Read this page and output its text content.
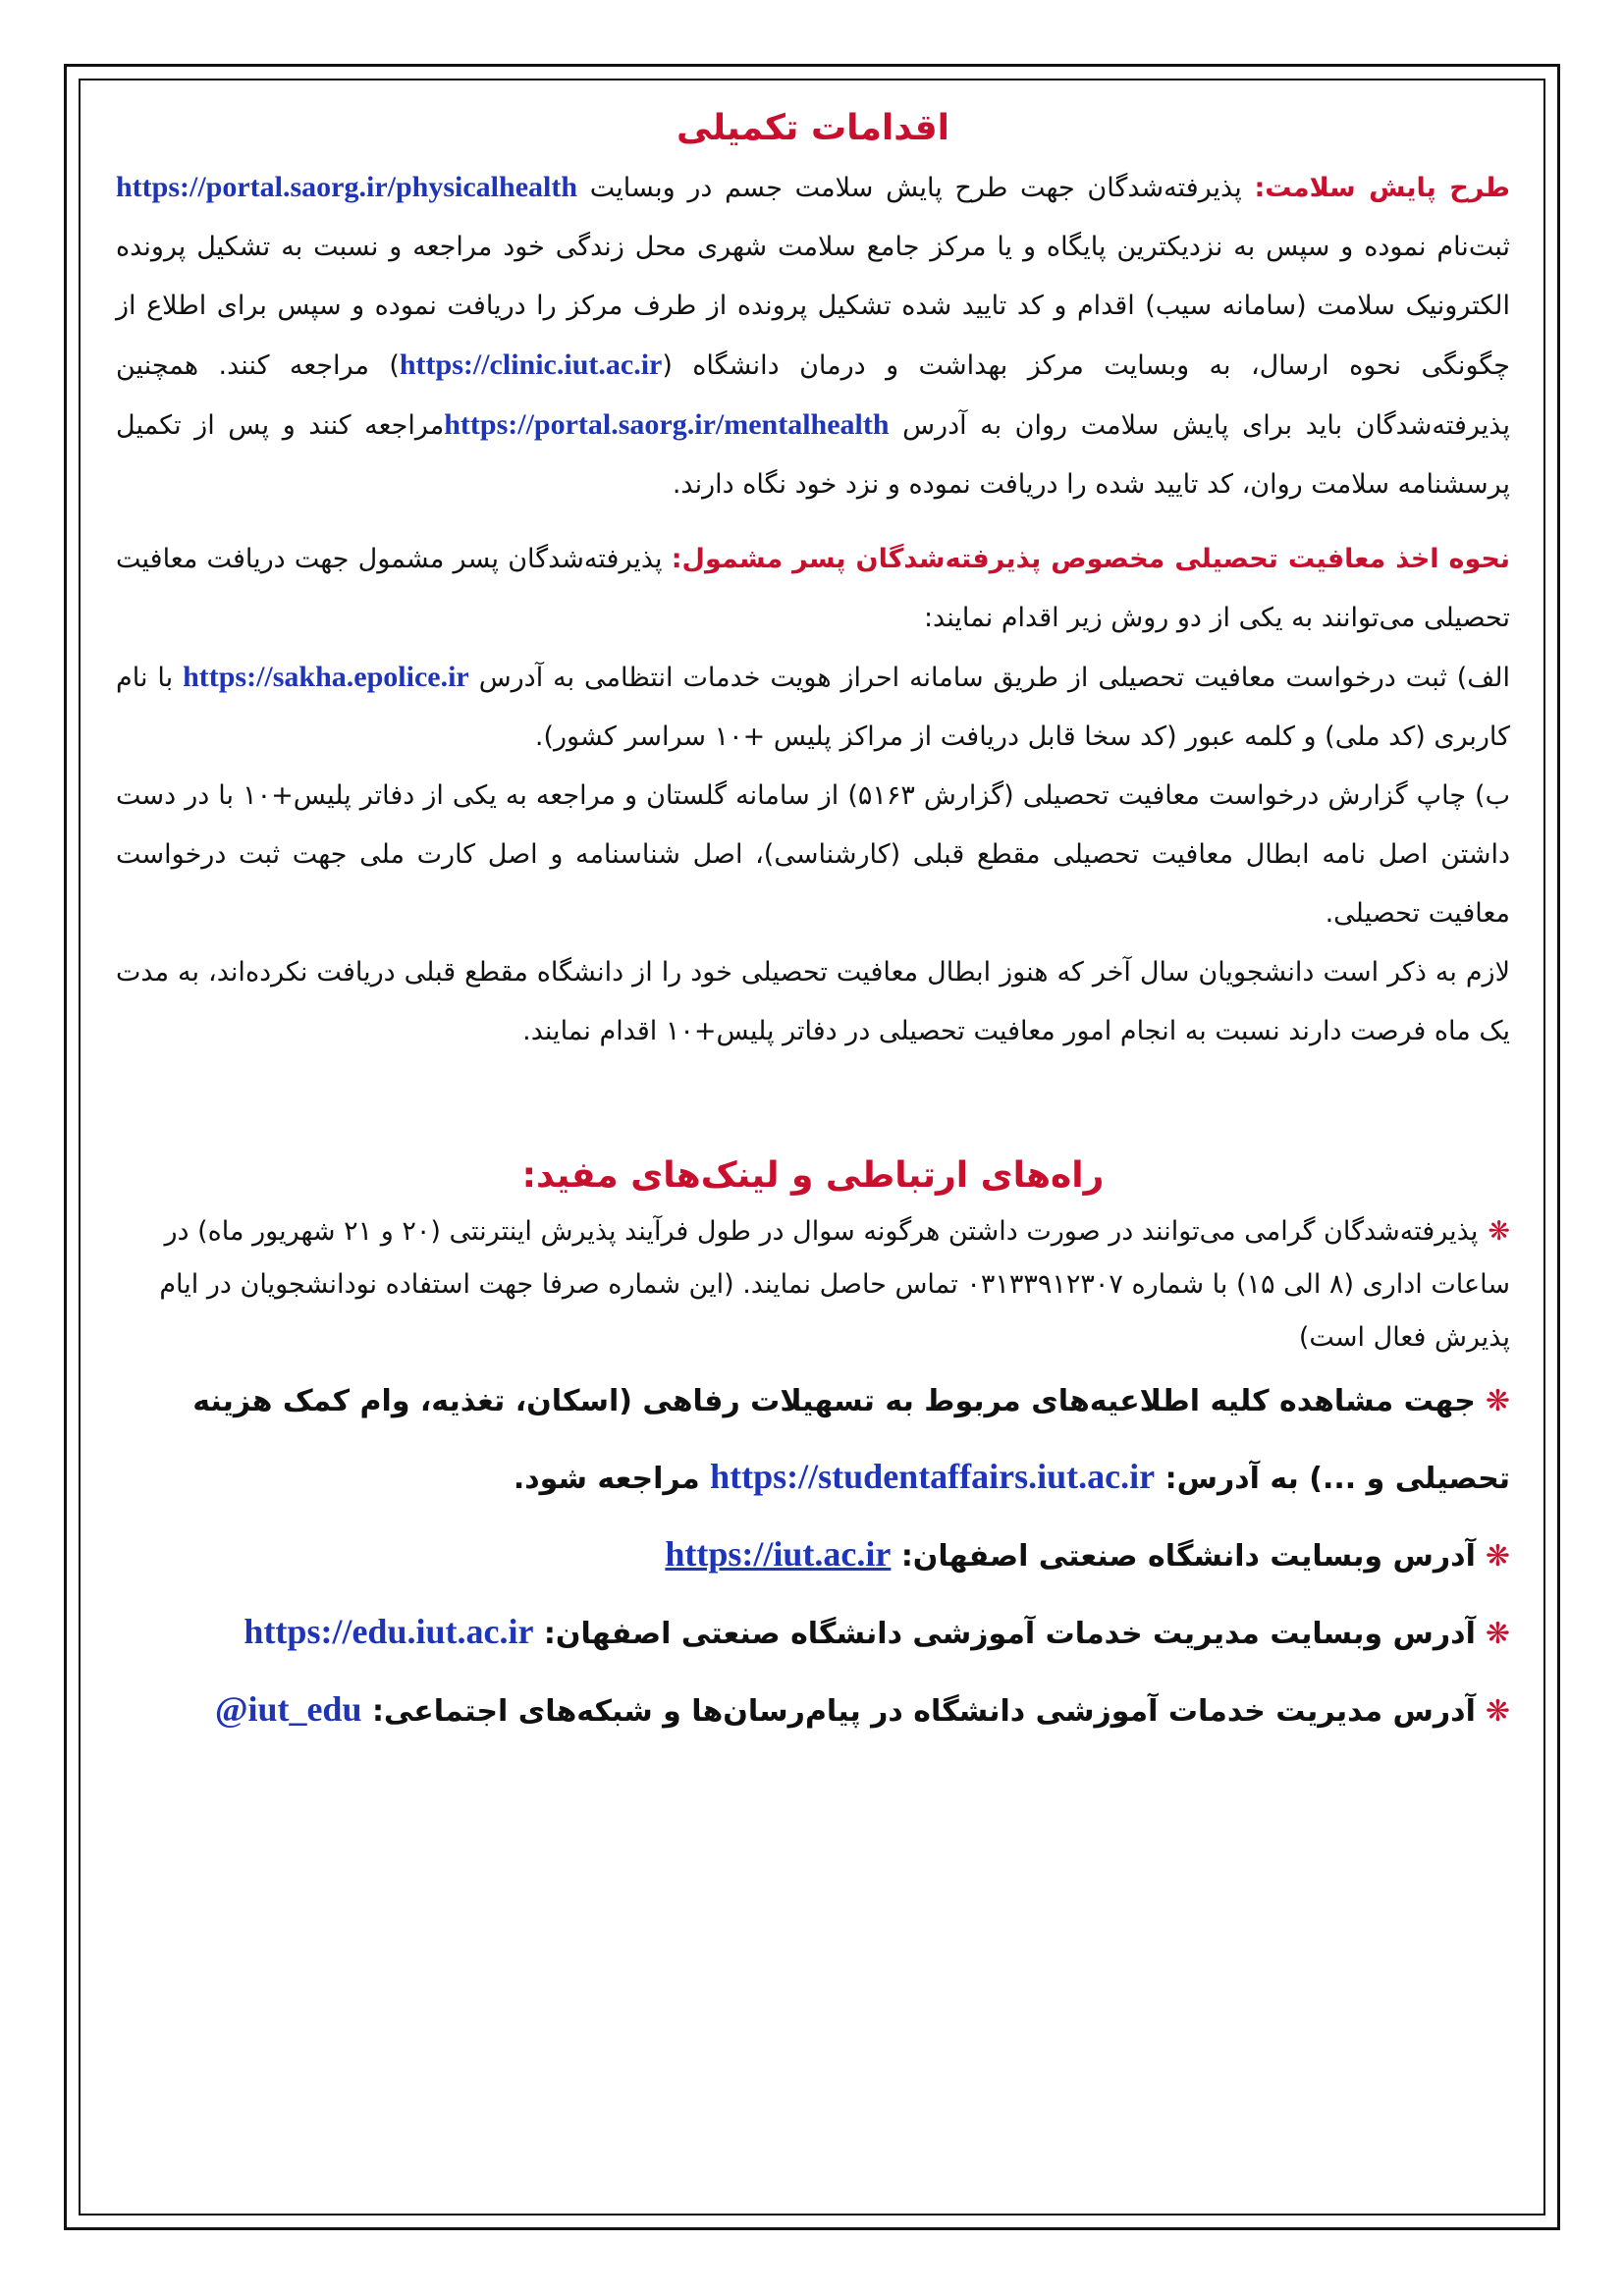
اقدامات تکمیلی

طرح پایش سلامت: پذیرفته‌شدگان جهت طرح پایش سلامت جسم در وبسایت https://portal.saorg.ir/physicalhealth ثبت‌نام نموده و سپس به نزدیکترین پایگاه و یا مرکز جامع سلامت شهری محل زندگی خود مراجعه و نسبت به تشکیل پرونده الکترونیک سلامت (سامانه سیب) اقدام و کد تایید شده تشکیل پرونده از طرف مرکز را دریافت نموده و سپس برای اطلاع از چگونگی نحوه ارسال، به وبسایت مرکز بهداشت و درمان دانشگاه (https://clinic.iut.ac.ir) مراجعه کنند. همچنین پذیرفته‌شدگان باید برای پایش سلامت روان به آدرس https://portal.saorg.ir/mentalhealthمراجعه کنند و پس از تکمیل پرسشنامه سلامت روان، کد تایید شده را دریافت نموده و نزد خود نگاه دارند.

نحوه اخذ معافیت تحصیلی مخصوص پذیرفته‌شدگان پسر مشمول: پذیرفته‌شدگان پسر مشمول جهت دریافت معافیت تحصیلی می‌توانند به یکی از دو روش زیر اقدام نمایند:

الف) ثبت درخواست معافیت تحصیلی از طریق سامانه احراز هویت خدمات انتظامی به آدرس https://sakha.epolice.ir با نام کاربری (کد ملی) و کلمه عبور (کد سخا قابل دریافت از مراکز پلیس +۱۰ سراسر کشور).

ب) چاپ گزارش درخواست معافیت تحصیلی (گزارش ۵۱۶۳) از سامانه گلستان و مراجعه به یکی از دفاتر پلیس+۱۰ با در دست داشتن اصل نامه ابطال معافیت تحصیلی مقطع قبلی (کارشناسی)، اصل شناسنامه و اصل کارت ملی جهت ثبت درخواست معافیت تحصیلی.

لازم به ذکر است دانشجویان سال آخر که هنوز ابطال معافیت تحصیلی خود را از دانشگاه مقطع قبلی دریافت نکرده‌اند، به مدت یک ماه فرصت دارند نسبت به انجام امور معافیت تحصیلی در دفاتر پلیس+۱۰ اقدام نمایند.

راه‌های ارتباطی و لینک‌های مفید:

❋پذیرفته‌شدگان گرامی می‌توانند در صورت داشتن هرگونه سوال در طول فرآیند پذیرش اینترنتی (۲۰ و ۲۱ شهریور ماه) در ساعات اداری (۸ الی ۱۵) با شماره ۰۳۱۳۳۹۱۲۳۰۷ تماس حاصل نمایند. (این شماره صرفا جهت استفاده نودانشجویان در ایام پذیرش فعال است)

❋جهت مشاهده کلیه اطلاعیه‌های مربوط به تسهیلات رفاهی (اسکان، تغذیه، وام کمک هزینه تحصیلی و ...) به آدرس: https://studentaffairs.iut.ac.ir مراجعه شود.

❋آدرس وبسایت دانشگاه صنعتی اصفهان: https://iut.ac.ir

❋آدرس وبسایت مدیریت خدمات آموزشی دانشگاه صنعتی اصفهان: https://edu.iut.ac.ir

❋آدرس مدیریت خدمات آموزشی دانشگاه در پیام‌رسان‌ها و شبکه‌های اجتماعی: @iut_edu
